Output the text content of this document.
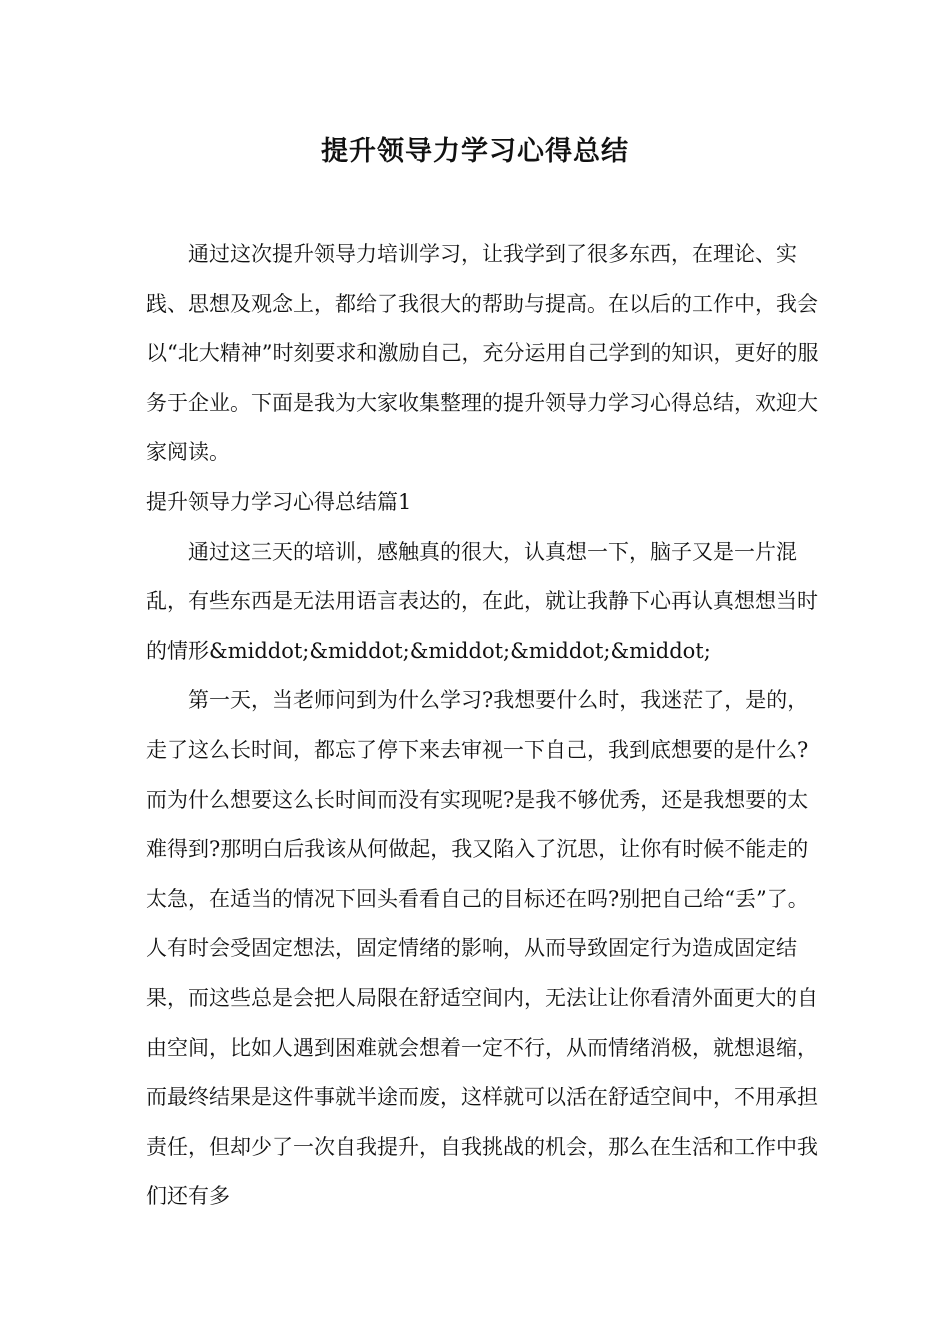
提升领导力学习心得总结

通过这次提升领导力培训学习，让我学到了很多东西，在理论、实践、思想及观念上，都给了我很大的帮助与提高。在以后的工作中，我会以“北大精神”时刻要求和激励自己，充分运用自己学到的知识，更好的服务于企业。下面是我为大家收集整理的提升领导力学习心得总结，欢迎大家阅读。

提升领导力学习心得总结篇1

通过这三天的培训，感触真的很大，认真想一下，脑子又是一片混乱，有些东西是无法用语言表达的，在此，就让我静下心再认真想想当时的情形&middot;&middot;&middot;&middot;&middot;

第一天，当老师问到为什么学习?我想要什么时，我迷茫了，是的，走了这么长时间，都忘了停下来去审视一下自己，我到底想要的是什么?而为什么想要这么长时间而没有实现呢?是我不够优秀，还是我想要的太难得到?那明白后我该从何做起，我又陷入了沉思，让你有时候不能走的太急，在适当的情况下回头看看自己的目标还在吗?别把自己给“丢”了。人有时会受固定想法，固定情绪的影响，从而导致固定行为造成固定结果，而这些总是会把人局限在舒适空间内，无法让让你看清外面更大的自由空间，比如人遇到困难就会想着一定不行，从而情绪消极，就想退缩，而最终结果是这件事就半途而废，这样就可以活在舒适空间中，不用承担责任，但却少了一次自我提升，自我挑战的机会，那么在生活和工作中我们还有多
